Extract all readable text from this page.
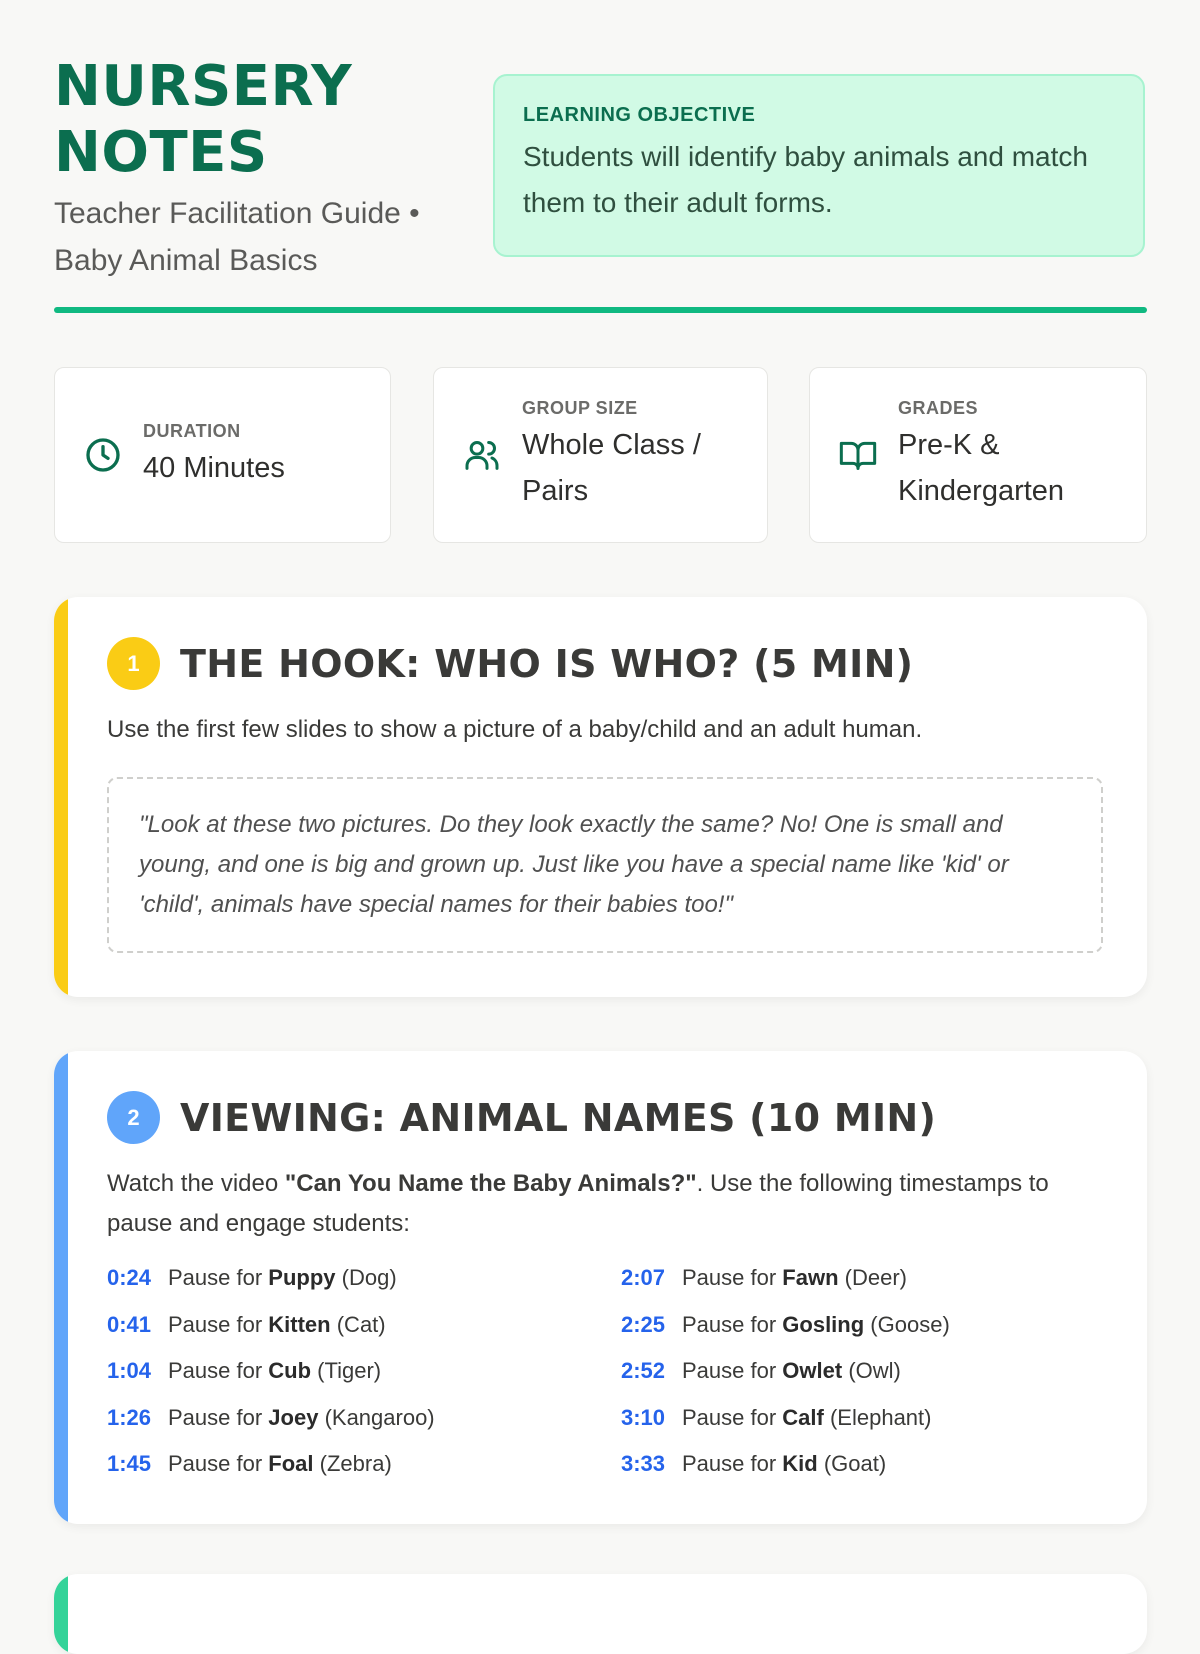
NURSERY
NOTES
Teacher Facilitation Guide • Baby Animal Basics
LEARNING OBJECTIVE
Students will identify baby animals and match them to their adult forms.
DURATION
40 Minutes
GROUP SIZE
Whole Class / Pairs
GRADES
Pre-K & Kindergarten
1	THE HOOK: WHO IS WHO? (5 MIN)
Use the first few slides to show a picture of a baby/child and an adult human.
"Look at these two pictures. Do they look exactly the same? No! One is small and young, and one is big and grown up. Just like you have a special name like 'kid' or 'child', animals have special names for their babies too!"
2	VIEWING: ANIMAL NAMES (10 MIN)
Watch the video "Can You Name the Baby Animals?". Use the following timestamps to pause and engage students:
0:24 Pause for Puppy (Dog)
0:41 Pause for Kitten (Cat)
1:04 Pause for Cub (Tiger)
1:26 Pause for Joey (Kangaroo)
1:45 Pause for Foal (Zebra)
2:07 Pause for Fawn (Deer)
2:25 Pause for Gosling (Goose)
2:52 Pause for Owlet (Owl)
3:10 Pause for Calf (Elephant)
3:33 Pause for Kid (Goat)
